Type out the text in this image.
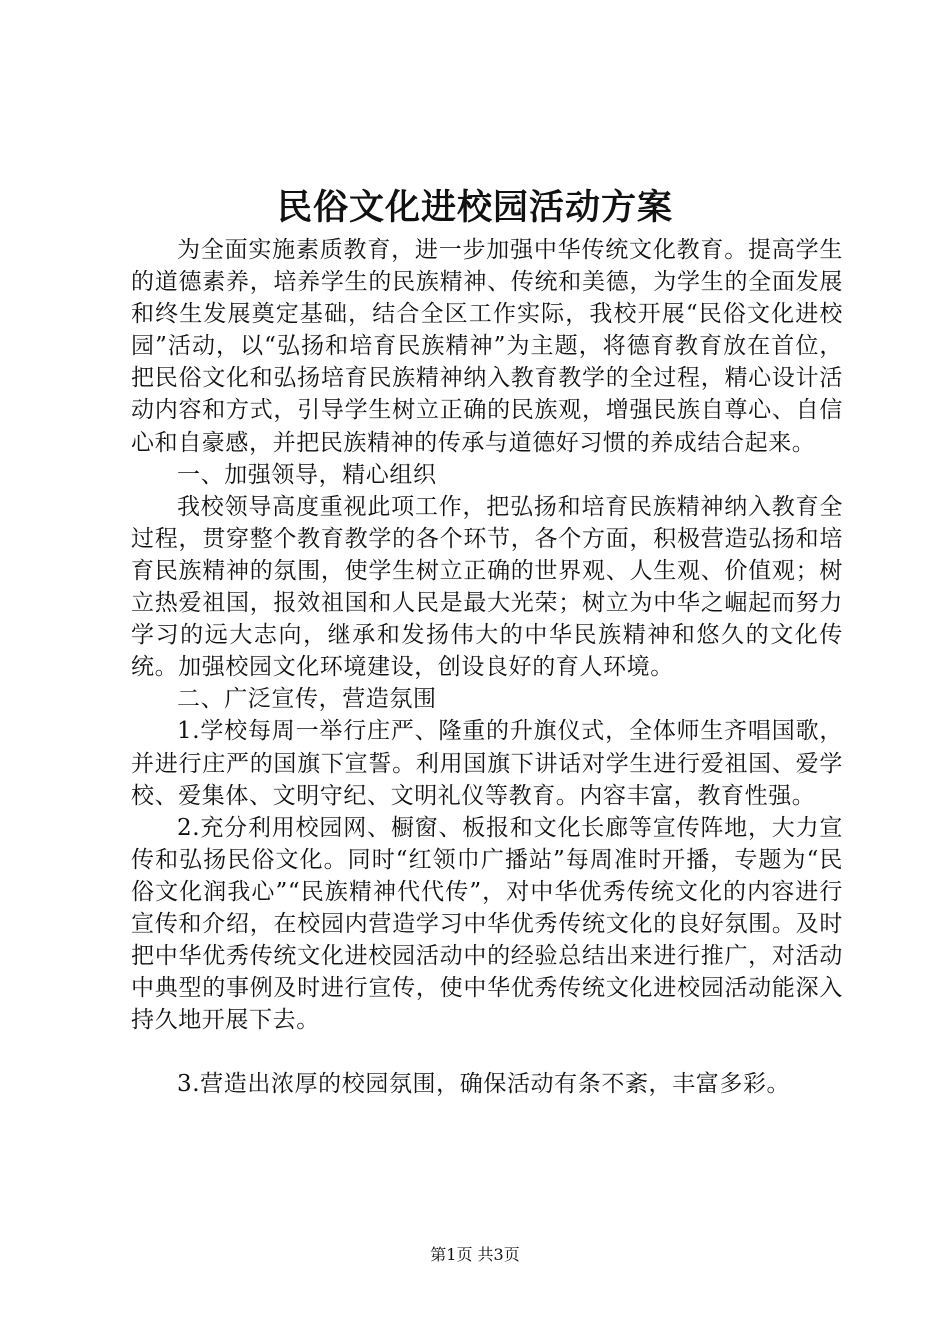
民俗文化进校园活动方案

为全面实施素质教育，进一步加强中华传统文化教育。提高学生的道德素养，培养学生的民族精神、传统和美德，为学生的全面发展和终生发展奠定基础，结合全区工作实际，我校开展“民俗文化进校园”活动，以“弘扬和培育民族精神”为主题，将德育教育放在首位，把民俗文化和弘扬培育民族精神纳入教育教学的全过程，精心设计活动内容和方式，引导学生树立正确的民族观，增强民族自尊心、自信心和自豪感，并把民族精神的传承与道德好习惯的养成结合起来。

一、加强领导，精心组织

我校领导高度重视此项工作，把弘扬和培育民族精神纳入教育全过程，贯穿整个教育教学的各个环节，各个方面，积极营造弘扬和培育民族精神的氛围，使学生树立正确的世界观、人生观、价值观；树立热爱祖国，报效祖国和人民是最大光荣；树立为中华之崛起而努力学习的远大志向，继承和发扬伟大的中华民族精神和悠久的文化传统。加强校园文化环境建设，创设良好的育人环境。

二、广泛宣传，营造氛围

1.学校每周一举行庄严、隆重的升旗仪式，全体师生齐唱国歌，并进行庄严的国旗下宣誓。利用国旗下讲话对学生进行爱祖国、爱学校、爱集体、文明守纪、文明礼仪等教育。内容丰富，教育性强。

2.充分利用校园网、橱窗、板报和文化长廊等宣传阵地，大力宣传和弘扬民俗文化。同时“红领巾广播站”每周准时开播，专题为“民俗文化润我心”“民族精神代代传”，对中华优秀传统文化的内容进行宣传和介绍，在校园内营造学习中华优秀传统文化的良好氛围。及时把中华优秀传统文化进校园活动中的经验总结出来进行推广，对活动中典型的事例及时进行宣传，使中华优秀传统文化进校园活动能深入持久地开展下去。

3.营造出浓厚的校园氛围，确保活动有条不紊，丰富多彩。

第1页 共3页
